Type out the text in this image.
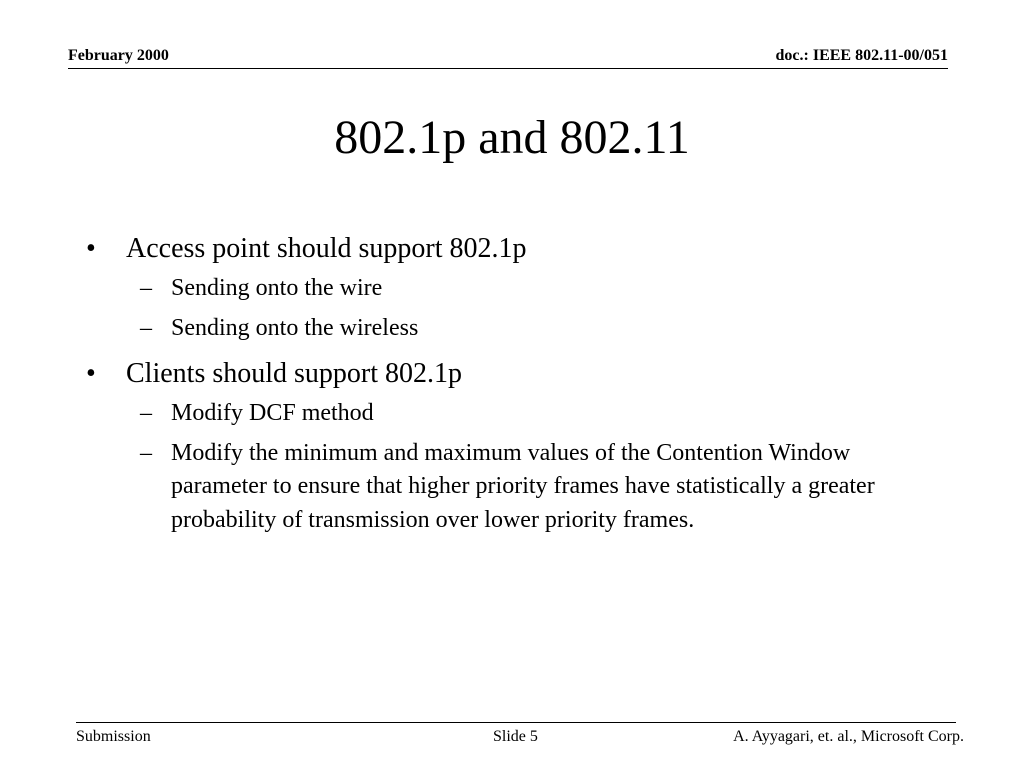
February 2000	doc.: IEEE 802.11-00/051
802.1p and 802.11
•	Access point should support 802.1p
– Sending onto the wire
– Sending onto the wireless
•	Clients should support 802.1p
– Modify DCF method
– Modify the minimum and maximum values of the Contention Window parameter to ensure that higher priority frames have statistically a greater probability of transmission over lower priority frames.
Submission	Slide 5	A. Ayyagari, et. al., Microsoft Corp.
